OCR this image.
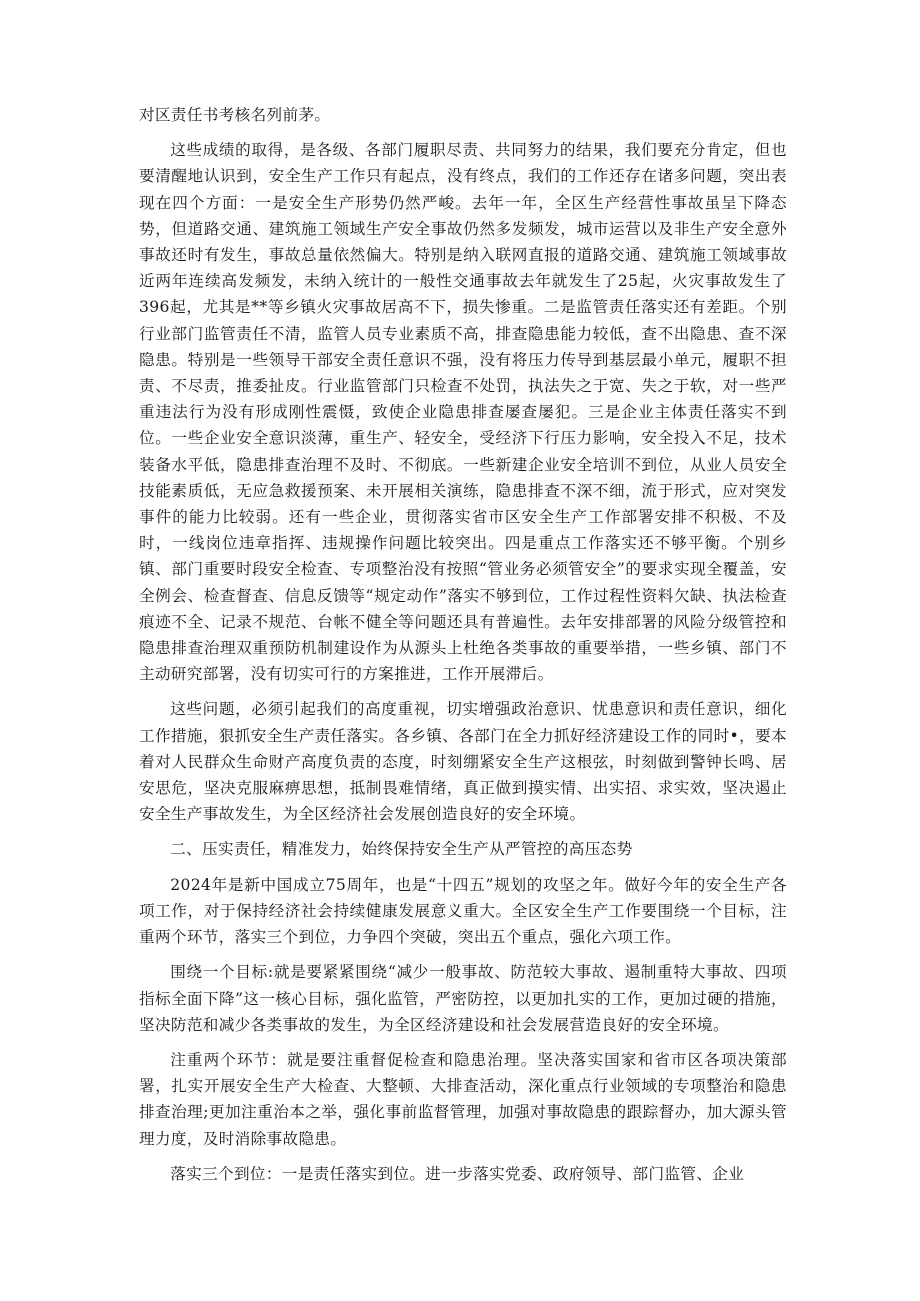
对区责任书考核名列前茅。

这些成绩的取得，是各级、各部门履职尽责、共同努力的结果，我们要充分肯定，但也要清醒地认识到，安全生产工作只有起点，没有终点，我们的工作还存在诸多问题，突出表现在四个方面：一是安全生产形势仍然严峻。去年一年，全区生产经营性事故虽呈下降态势，但道路交通、建筑施工领域生产安全事故仍然多发频发，城市运营以及非生产安全意外事故还时有发生，事故总量依然偏大。特别是纳入联网直报的道路交通、建筑施工领域事故近两年连续高发频发，未纳入统计的一般性交通事故去年就发生了25起，火灾事故发生了396起，尤其是**等乡镇火灾事故居高不下，损失惨重。二是监管责任落实还有差距。个别行业部门监管责任不清，监管人员专业素质不高，排查隐患能力较低，查不出隐患、查不深隐患。特别是一些领导干部安全责任意识不强，没有将压力传导到基层最小单元，履职不担责、不尽责，推委扯皮。行业监管部门只检查不处罚，执法失之于宽、失之于软，对一些严重违法行为没有形成刚性震慑，致使企业隐患排查屡查屡犯。三是企业主体责任落实不到位。一些企业安全意识淡薄，重生产、轻安全，受经济下行压力影响，安全投入不足，技术装备水平低，隐患排查治理不及时、不彻底。一些新建企业安全培训不到位，从业人员安全技能素质低，无应急救援预案、未开展相关演练，隐患排查不深不细，流于形式，应对突发事件的能力比较弱。还有一些企业，贯彻落实省市区安全生产工作部署安排不积极、不及时，一线岗位违章指挥、违规操作问题比较突出。四是重点工作落实还不够平衡。个别乡镇、部门重要时段安全检查、专项整治没有按照“管业务必须管安全”的要求实现全覆盖，安全例会、检查督查、信息反馈等“规定动作”落实不够到位，工作过程性资料欠缺、执法检查痕迹不全、记录不规范、台帐不健全等问题还具有普遍性。去年安排部署的风险分级管控和隐患排查治理双重预防机制建设作为从源头上杜绝各类事故的重要举措，一些乡镇、部门不主动研究部署，没有切实可行的方案推进，工作开展滞后。

这些问题，必须引起我们的高度重视，切实增强政治意识、忧患意识和责任意识，细化工作措施，狠抓安全生产责任落实。各乡镇、各部门在全力抓好经济建设工作的同时•，要本着对人民群众生命财产高度负责的态度，时刻绷紧安全生产这根弦，时刻做到警钟长鸣、居安思危，坚决克服麻痹思想，抵制畏难情绪，真正做到摸实情、出实招、求实效，坚决遏止安全生产事故发生，为全区经济社会发展创造良好的安全环境。

二、压实责任，精准发力，始终保持安全生产从严管控的高压态势

2024年是新中国成立75周年，也是“十四五”规划的攻坚之年。做好今年的安全生产各项工作，对于保持经济社会持续健康发展意义重大。全区安全生产工作要围绕一个目标，注重两个环节，落实三个到位，力争四个突破，突出五个重点，强化六项工作。

围绕一个目标:就是要紧紧围绕“减少一般事故、防范较大事故、遏制重特大事故、四项指标全面下降”这一核心目标，强化监管，严密防控，以更加扎实的工作，更加过硬的措施，坚决防范和减少各类事故的发生，为全区经济建设和社会发展营造良好的安全环境。

注重两个环节：就是要注重督促检查和隐患治理。坚决落实国家和省市区各项决策部署，扎实开展安全生产大检查、大整顿、大排查活动，深化重点行业领域的专项整治和隐患排查治理;更加注重治本之举，强化事前监督管理，加强对事故隐患的跟踪督办，加大源头管理力度，及时消除事故隐患。

落实三个到位：一是责任落实到位。进一步落实党委、政府领导、部门监管、企业
